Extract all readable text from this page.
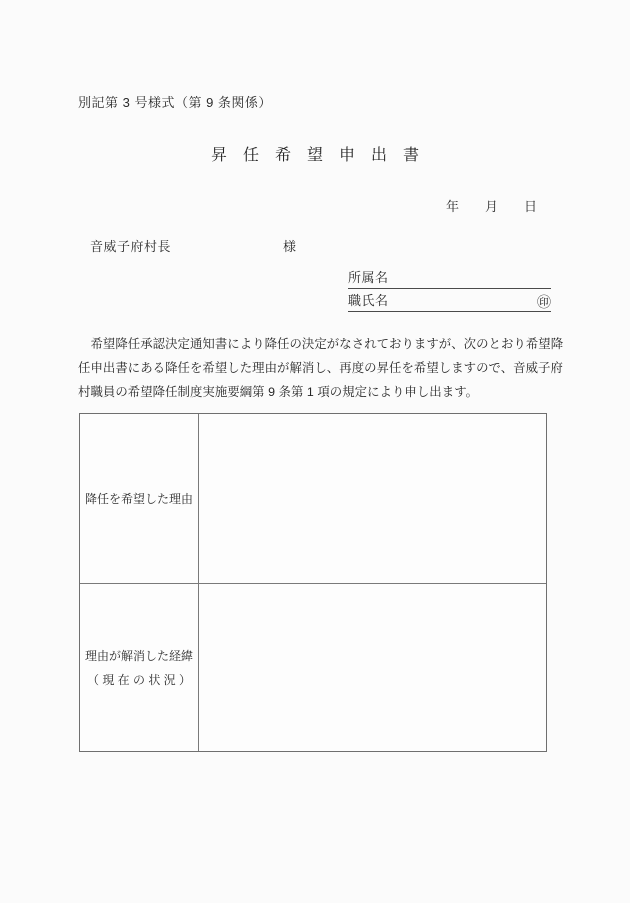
別記第 3 号様式（第 9 条関係）
昇　任　希　望　申　出　書
年　　月　　日
音威子府村長	様
所属名
職氏名	㊞
　希望降任承認決定通知書により降任の決定がなされておりますが、次のとおり希望降
任申出書にある降任を希望した理由が解消し、再度の昇任を希望しますので、音威子府
村職員の希望降任制度実施要綱第 9 条第 1 項の規定により申し出ます。
降任を希望した理由
理由が解消した経緯
（ 現 在 の 状 況 ）
